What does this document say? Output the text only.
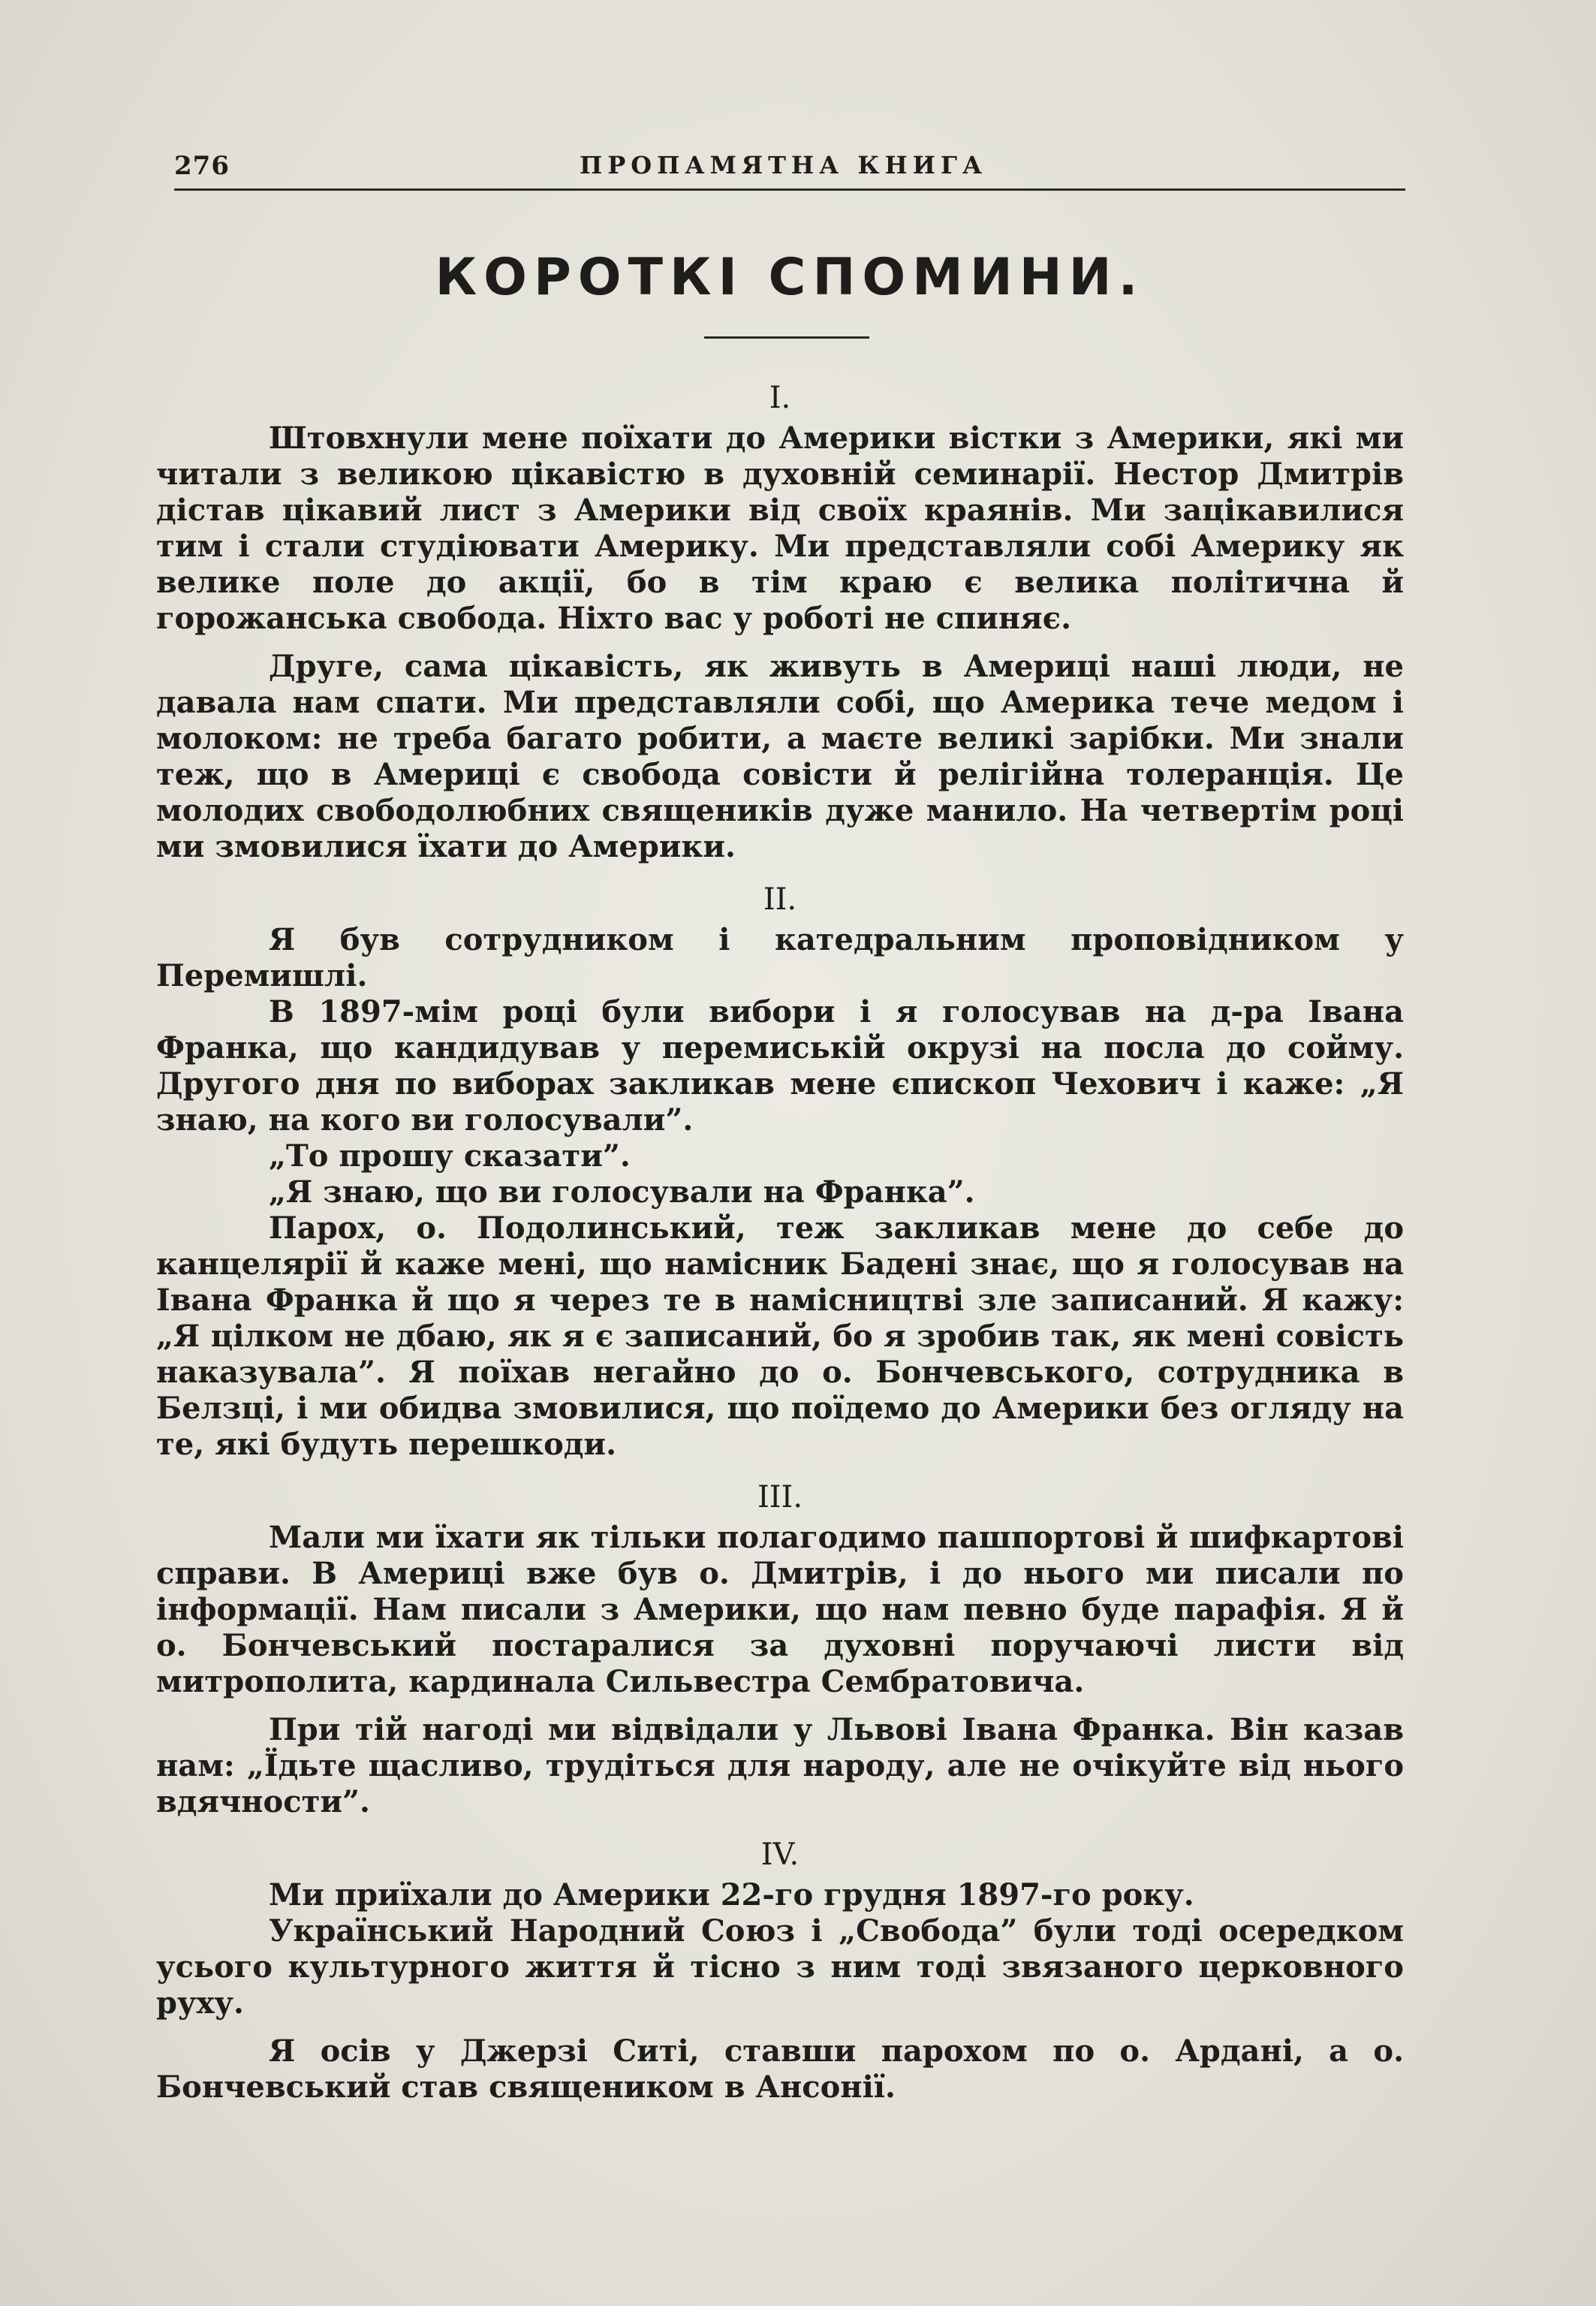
276	ПРОПАМЯТНА КНИГА
КОРОТКІ СПОМИНИ.
I.

Штовхнули мене поїхати до Америки вістки з Америки, які ми читали з великою цікавістю в духовній семинарії. Нестор Дмитрів дістав цікавий лист з Америки від своїх краянів. Ми зацікавилися тим і стали студіювати Америку. Ми представляли собі Америку як велике поле до акції, бо в тім краю є велика політична й горожанська свобода. Ніхто вас у роботі не спиняє.

Друге, сама цікавість, як живуть в Америці наші люди, не давала нам спати. Ми представляли собі, що Америка тече медом і молоком: не треба багато робити, а маєте великі зарібки. Ми знали теж, що в Америці є свобода совісти й релігійна толеранція. Це молодих свободолюбних священиків дуже манило. На четвертім році ми змовилися їхати до Америки.

II.

Я був сотрудником і катедральним проповідником у Перемишлі.

В 1897-мім році були вибори і я голосував на д-ра Івана Франка, що кандидував у перемиській окрузі на посла до сойму. Другого дня по виборах закликав мене єпископ Чехович і каже: „Я знаю, на кого ви голосували”.

„То прошу сказати”.

„Я знаю, що ви голосували на Франка”.

Парох, о. Подолинський, теж закликав мене до себе до канцелярії й каже мені, що намісник Бадені знає, що я голосував на Івана Франка й що я через те в намісництві зле записаний. Я кажу: „Я цілком не дбаю, як я є записаний, бо я зробив так, як мені совість наказувала”. Я поїхав негайно до о. Бончевського, сотрудника в Белзці, і ми обидва змовилися, що поїдемо до Америки без огляду на те, які будуть перешкоди.

III.

Мали ми їхати як тільки полагодимо пашпортові й шифкартові справи. В Америці вже був о. Дмитрів, і до нього ми писали по інформації. Нам писали з Америки, що нам певно буде парафія. Я й о. Бончевський постаралися за духовні поручаючі листи від митрополита, кардинала Сильвестра Сембратовича.

При тій нагоді ми відвідали у Львові Івана Франка. Він казав нам: „Їдьте щасливо, трудіться для народу, але не очікуйте від нього вдячности”.

IV.

Ми приїхали до Америки 22-го грудня 1897-го року.

Український Народний Союз і „Свобода” були тоді осередком усього культурного життя й тісно з ним тоді звязаного церковного руху.

Я осів у Джерзі Ситі, ставши парохом по о. Ардані, а о. Бончевський став священиком в Ансонії.
